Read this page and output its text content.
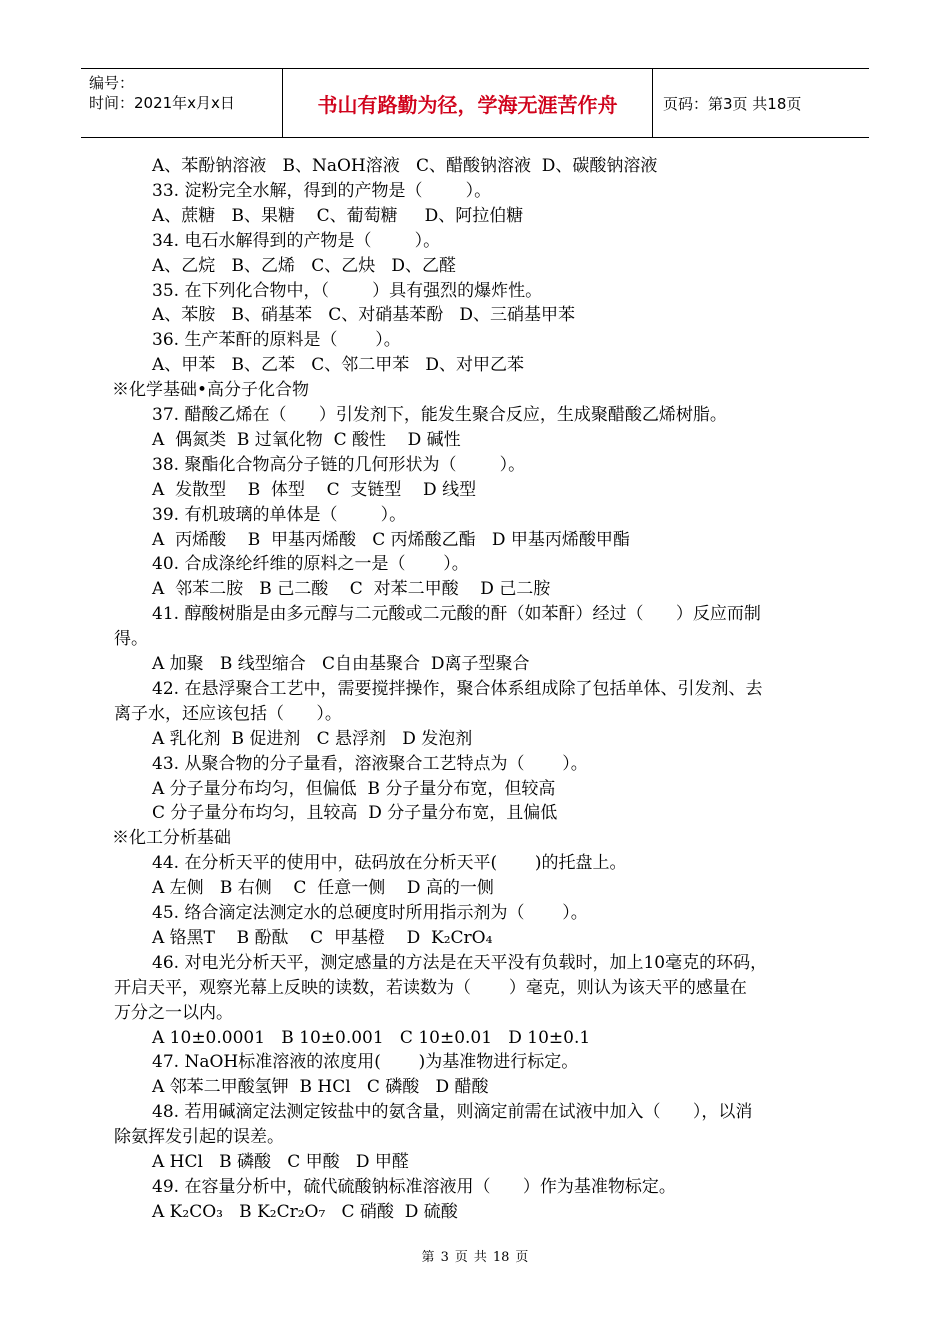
编号：
时间：2021年x月x日	书山有路勤为径，学海无涯苦作舟	页码：第3页 共18页
A、苯酚钠溶液   B、NaOH溶液   C、醋酸钠溶液  D、碳酸钠溶液
33. 淀粉完全水解，得到的产物是（        ）。
A、蔗糖   B、果糖    C、葡萄糖     D、阿拉伯糖
34. 电石水解得到的产物是（        ）。
A、乙烷   B、乙烯   C、乙炔   D、乙醛
35. 在下列化合物中，（        ）具有强烈的爆炸性。
A、苯胺   B、硝基苯   C、对硝基苯酚   D、三硝基甲苯
36. 生产苯酐的原料是（       ）。
A、甲苯   B、乙苯   C、邻二甲苯   D、对甲乙苯
※化学基础•高分子化合物
37. 醋酸乙烯在（      ）引发剂下，能发生聚合反应，生成聚醋酸乙烯树脂。
A  偶氮类  B 过氧化物  C 酸性    D 碱性
38. 聚酯化合物高分子链的几何形状为（        ）。
A  发散型    B  体型    C  支链型    D 线型
39. 有机玻璃的单体是（        ）。
A  丙烯酸    B  甲基丙烯酸   C 丙烯酸乙酯   D 甲基丙烯酸甲酯
40. 合成涤纶纤维的原料之一是（       ）。
A  邻苯二胺   B 己二酸    C  对苯二甲酸    D 己二胺
41. 醇酸树脂是由多元醇与二元酸或二元酸的酐（如苯酐）经过（      ）反应而制
得。
A 加聚   B 线型缩合   C自由基聚合  D离子型聚合
42. 在悬浮聚合工艺中，需要搅拌操作，聚合体系组成除了包括单体、引发剂、去
离子水，还应该包括（      ）。
A 乳化剂  B 促进剂   C 悬浮剂   D 发泡剂
43. 从聚合物的分子量看，溶液聚合工艺特点为（       ）。
A 分子量分布均匀，但偏低  B 分子量分布宽，但较高
C 分子量分布均匀，且较高  D 分子量分布宽，且偏低
※化工分析基础
44. 在分析天平的使用中，砝码放在分析天平(       )的托盘上。
A 左侧   B 右侧    C  任意一侧    D 高的一侧
45. 络合滴定法测定水的总硬度时所用指示剂为（       ）。
A 铬黑T    B 酚酞    C  甲基橙    D  K₂CrO₄
46. 对电光分析天平，测定感量的方法是在天平没有负载时，加上10毫克的环码，
开启天平，观察光幕上反映的读数，若读数为（       ）毫克，则认为该天平的感量在
万分之一以内。
A 10±0.0001   B 10±0.001   C 10±0.01   D 10±0.1
47. NaOH标准溶液的浓度用(       )为基准物进行标定。
A 邻苯二甲酸氢钾  B HCl   C 磷酸   D 醋酸
48. 若用碱滴定法测定铵盐中的氨含量，则滴定前需在试液中加入（      ），以消
除氨挥发引起的误差。
A HCl   B 磷酸   C 甲酸   D 甲醛
49. 在容量分析中，硫代硫酸钠标准溶液用（      ）作为基准物标定。
A K₂CO₃   B K₂Cr₂O₇   C 硝酸  D 硫酸
第 3 页 共 18 页
